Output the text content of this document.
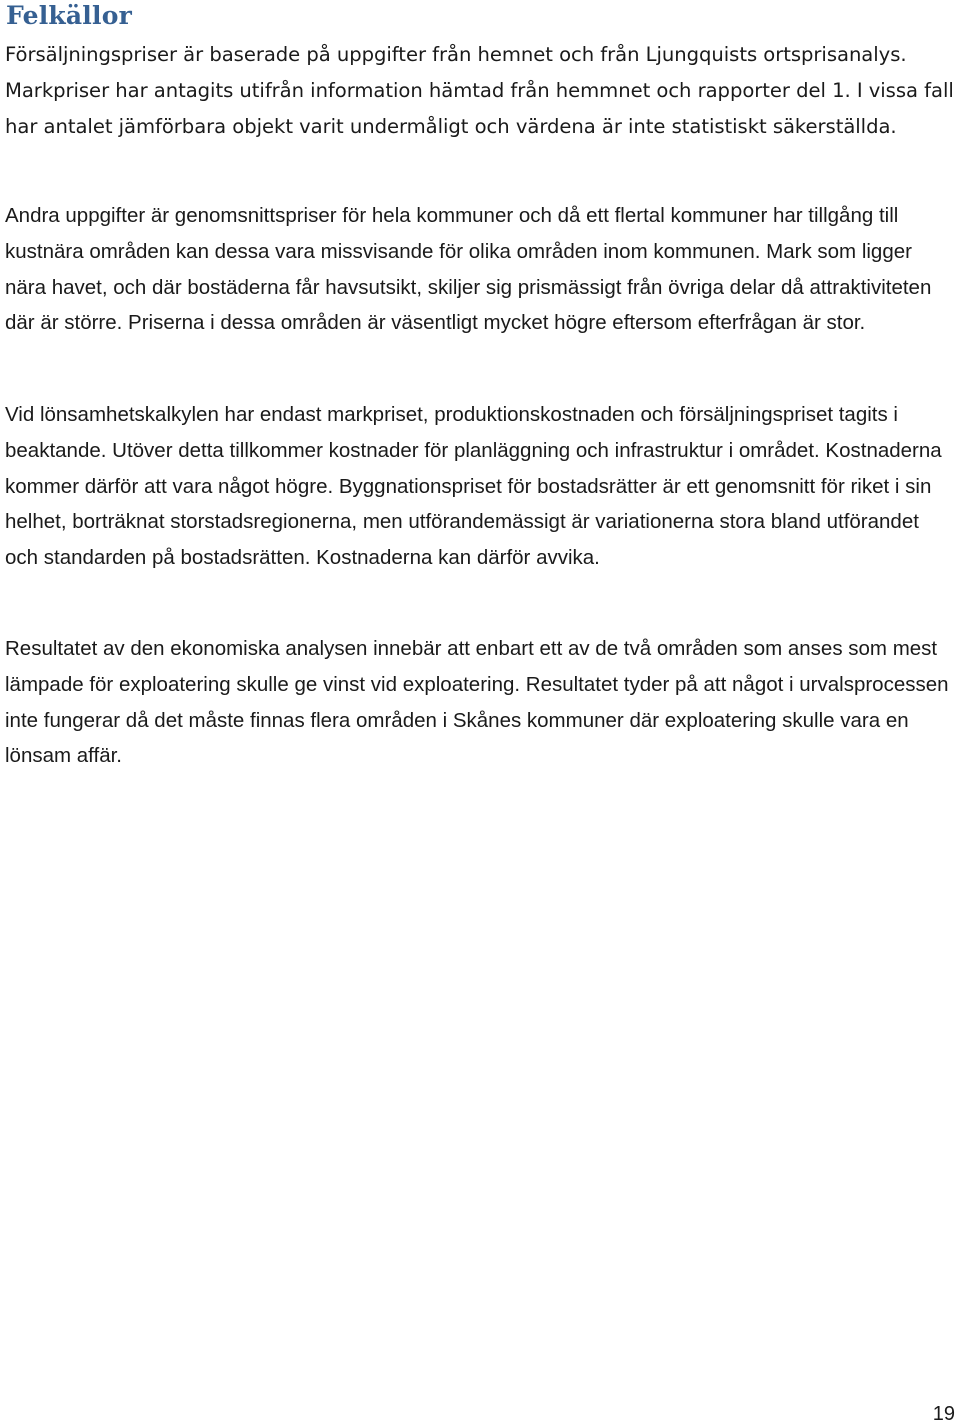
Felkällor

Försäljningspriser är baserade på uppgifter från hemnet och från Ljungquists ortsprisanalys. Markpriser har antagits utifrån information hämtad från hemmnet och rapporter del 1. I vissa fall har antalet jämförbara objekt varit undermåligt och värdena är inte statistiskt säkerställda.

Andra uppgifter är genomsnittspriser för hela kommuner och då ett flertal kommuner har tillgång till kustnära områden kan dessa vara missvisande för olika områden inom kommunen. Mark som ligger nära havet, och där bostäderna får havsutsikt, skiljer sig prismässigt från övriga delar då attraktiviteten där är större. Priserna i dessa områden är väsentligt mycket högre eftersom efterfrågan är stor.

Vid lönsamhetskalkylen har endast markpriset, produktionskostnaden och försäljningspriset tagits i beaktande. Utöver detta tillkommer kostnader för planläggning och infrastruktur i området. Kostnaderna kommer därför att vara något högre. Byggnationspriset för bostadsrätter är ett genomsnitt för riket i sin helhet, borträknat storstadsregionerna, men utförandemässigt är variationerna stora bland utförandet och standarden på bostadsrätten. Kostnaderna kan därför avvika.

Resultatet av den ekonomiska analysen innebär att enbart ett av de två områden som anses som mest lämpade för exploatering skulle ge vinst vid exploatering. Resultatet tyder på att något i urvalsprocessen inte fungerar då det måste finnas flera områden i Skånes kommuner där exploatering skulle vara en lönsam affär.

19
